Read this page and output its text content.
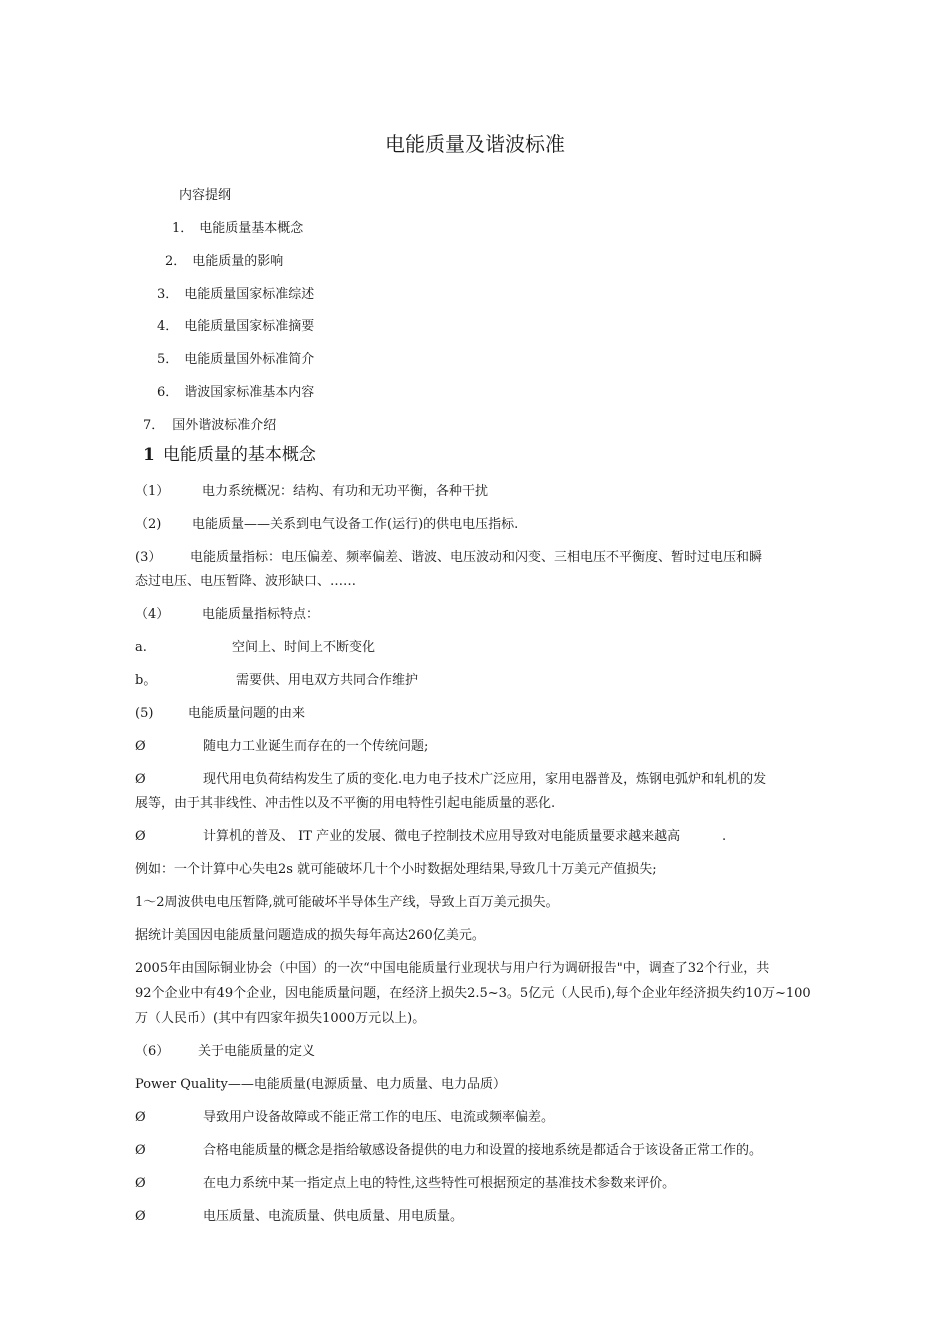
电能质量及谐波标准
内容提纲
1． 电能质量基本概念
2． 电能质量的影响
3． 电能质量国家标准综述
4． 电能质量国家标准摘要
5． 电能质量国外标准简介
6． 谐波国家标准基本内容
7． 国外谐波标准介绍
1 电能质量的基本概念
（1）	电力系统概况：结构、有功和无功平衡，各种干扰
（2) 电能质量——关系到电气设备工作(运行)的供电电压指标.
(3） 电能质量指标：电压偏差、频率偏差、谐波、电压波动和闪变、三相电压不平衡度、暂时过电压和瞬
态过电压、电压暂降、波形缺口、……
（4）	电能质量指标特点：
a.	空间上、时间上不断变化
b。	需要供、用电双方共同合作维护
(5)	电能质量问题的由来
Ø	随电力工业诞生而存在的一个传统问题;
Ø	现代用电负荷结构发生了质的变化.电力电子技术广泛应用，家用电器普及，炼钢电弧炉和轧机的发
展等，由于其非线性、冲击性以及不平衡的用电特性引起电能质量的恶化.
Ø	计算机的普及、 IT 产业的发展、微电子控制技术应用导致对电能质量要求越来越高	.
例如：一个计算中心失电2s 就可能破坏几十个小时数据处理结果,导致几十万美元产值损失;
1～2周波供电电压暂降,就可能破坏半导体生产线，导致上百万美元损失。
据统计美国因电能质量问题造成的损失每年高达260亿美元。
2005年由国际铜业协会（中国）的一次“中国电能质量行业现状与用户行为调研报告"中，调查了32个行业，共
92个企业中有49个企业，因电能质量问题，在经济上损失2.5~3。5亿元（人民币),每个企业年经济损失约10万~100
万（人民币）(其中有四家年损失1000万元以上)。
（6） 关于电能质量的定义
Power Quality——电能质量(电源质量、电力质量、电力品质）
Ø	导致用户设备故障或不能正常工作的电压、电流或频率偏差。
Ø	合格电能质量的概念是指给敏感设备提供的电力和设置的接地系统是都适合于该设备正常工作的。
Ø	在电力系统中某一指定点上电的特性,这些特性可根据预定的基准技术参数来评价。
Ø	电压质量、电流质量、供电质量、用电质量。
